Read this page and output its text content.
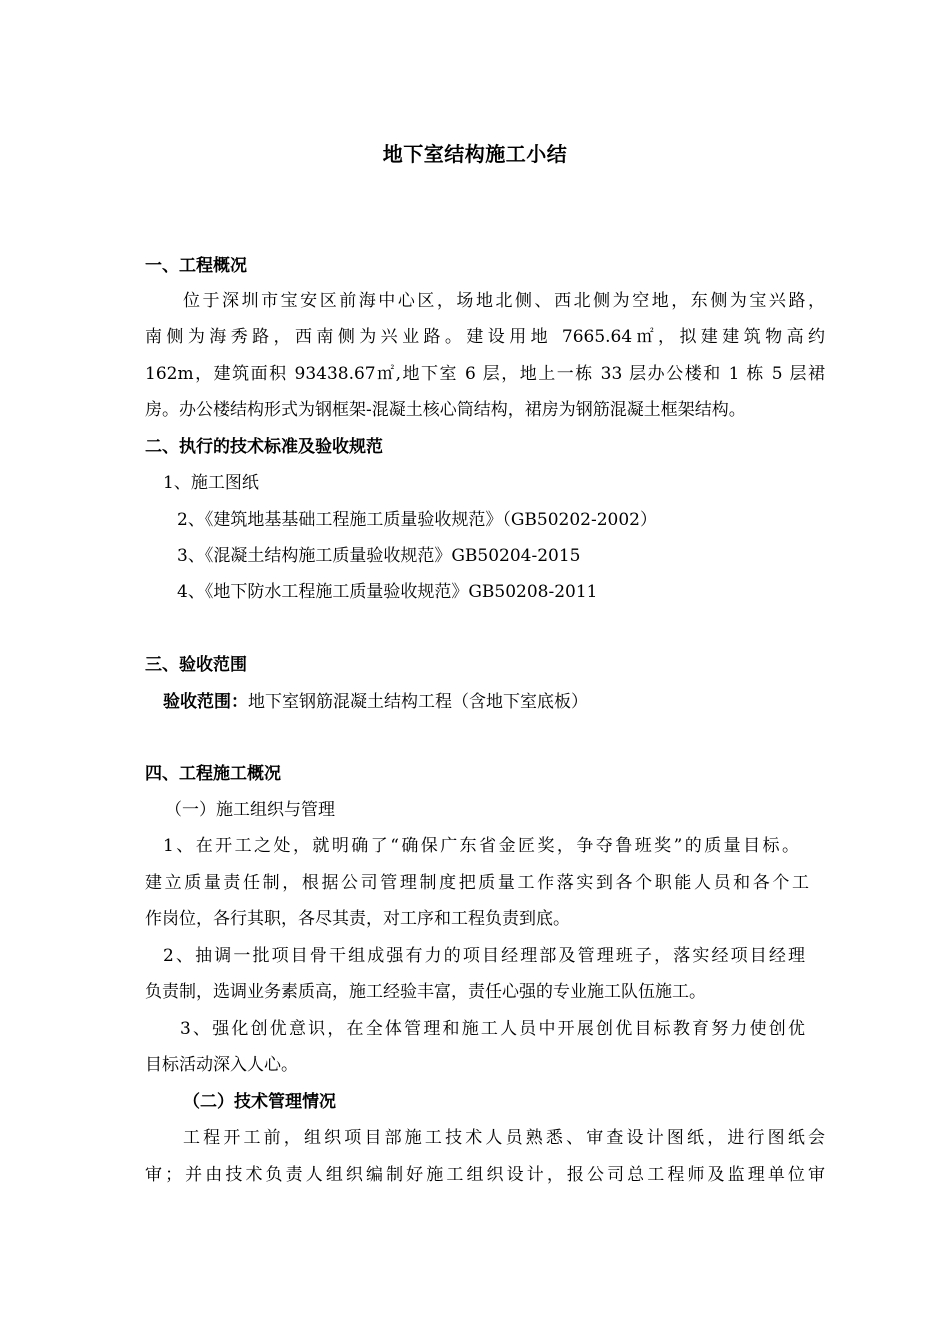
地下室结构施工小结
一、工程概况
位于深圳市宝安区前海中心区，场地北侧、西北侧为空地，东侧为宝兴路，
南侧为海秀路，西南侧为兴业路。建设用地 7665.64㎡，拟建建筑物高约
162m，建筑面积 93438.67㎡,地下室 6 层，地上一栋 33 层办公楼和 1 栋 5 层裙
房。办公楼结构形式为钢框架-混凝土核心筒结构，裙房为钢筋混凝土框架结构。
二、执行的技术标准及验收规范
1、施工图纸
2、《建筑地基基础工程施工质量验收规范》（GB50202-2002）
3、《混凝土结构施工质量验收规范》GB50204-2015
4、《地下防水工程施工质量验收规范》GB50208-2011
三、验收范围
验收范围：地下室钢筋混凝土结构工程（含地下室底板）
四、工程施工概况
（一）施工组织与管理
1、在开工之处，就明确了“确保广东省金匠奖，争夺鲁班奖”的质量目标。
建立质量责任制，根据公司管理制度把质量工作落实到各个职能人员和各个工
作岗位，各行其职，各尽其责，对工序和工程负责到底。
2、抽调一批项目骨干组成强有力的项目经理部及管理班子，落实经项目经理
负责制，选调业务素质高，施工经验丰富，责任心强的专业施工队伍施工。
3、强化创优意识，在全体管理和施工人员中开展创优目标教育努力使创优
目标活动深入人心。
（二）技术管理情况
工程开工前，组织项目部施工技术人员熟悉、审查设计图纸，进行图纸会
审；并由技术负责人组织编制好施工组织设计，报公司总工程师及监理单位审
